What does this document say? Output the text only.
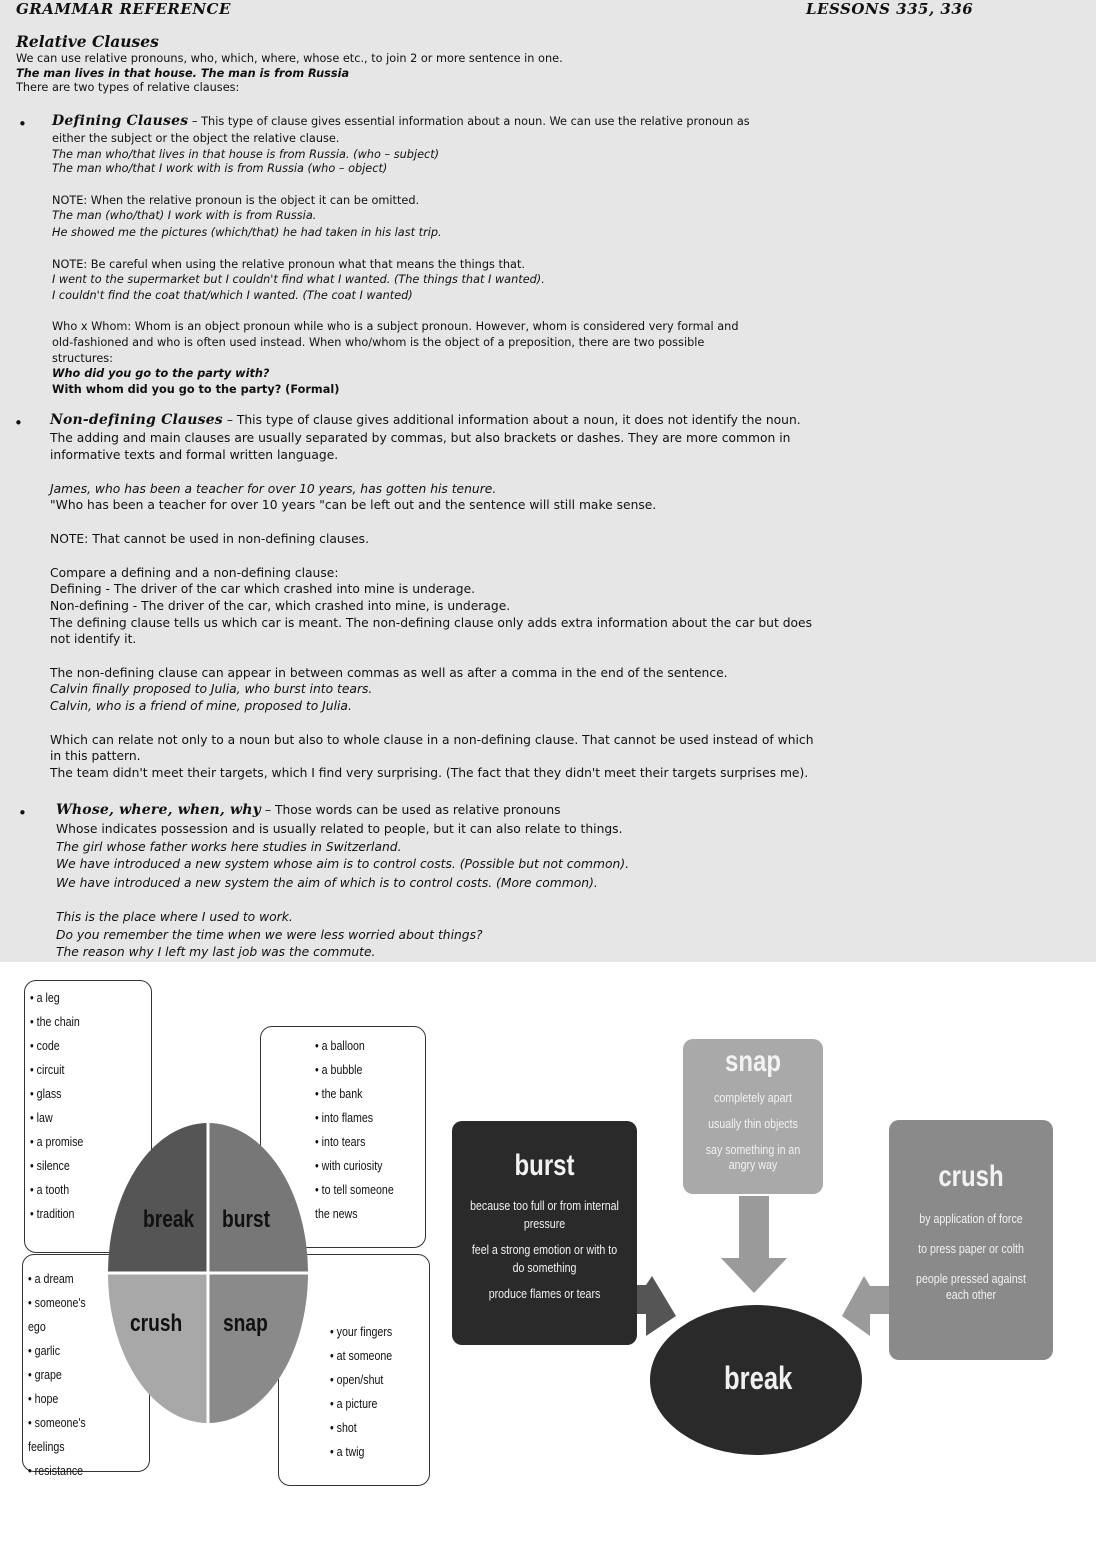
GRAMMAR REFERENCE	LESSONS 335, 336
Relative Clauses
We can use relative pronouns, who, which, where, whose etc., to join 2 or more sentence in one.
The man lives in that house. The man is from Russia
There are two types of relative clauses:
• Defining Clauses – This type of clause gives essential information about a noun. We can use the relative pronoun as
either the subject or the object the relative clause.
The man who/that lives in that house is from Russia. (who – subject)
The man who/that I work with is from Russia (who – object)
NOTE: When the relative pronoun is the object it can be omitted.
The man (who/that) I work with is from Russia.
He showed me the pictures (which/that) he had taken in his last trip.
NOTE: Be careful when using the relative pronoun what that means the things that.
I went to the supermarket but I couldn't find what I wanted. (The things that I wanted).
I couldn't find the coat that/which I wanted. (The coat I wanted)
Who x Whom: Whom is an object pronoun while who is a subject pronoun. However, whom is considered very formal and
old-fashioned and who is often used instead. When who/whom is the object of a preposition, there are two possible
structures:
Who did you go to the party with?
With whom did you go to the party? (Formal)
• Non-defining Clauses – This type of clause gives additional information about a noun, it does not identify the noun.
The adding and main clauses are usually separated by commas, but also brackets or dashes. They are more common in
informative texts and formal written language.
James, who has been a teacher for over 10 years, has gotten his tenure.
"Who has been a teacher for over 10 years "can be left out and the sentence will still make sense.
NOTE: That cannot be used in non-defining clauses.
Compare a defining and a non-defining clause:
Defining - The driver of the car which crashed into mine is underage.
Non-defining - The driver of the car, which crashed into mine, is underage.
The defining clause tells us which car is meant. The non-defining clause only adds extra information about the car but does
not identify it.
The non-defining clause can appear in between commas as well as after a comma in the end of the sentence.
Calvin finally proposed to Julia, who burst into tears.
Calvin, who is a friend of mine, proposed to Julia.
Which can relate not only to a noun but also to whole clause in a non-defining clause. That cannot be used instead of which
in this pattern.
The team didn't meet their targets, which I find very surprising. (The fact that they didn't meet their targets surprises me).
• Whose, where, when, why – Those words can be used as relative pronouns
Whose indicates possession and is usually related to people, but it can also relate to things.
The girl whose father works here studies in Switzerland.
We have introduced a new system whose aim is to control costs. (Possible but not common).
We have introduced a new system the aim of which is to control costs. (More common).
This is the place where I used to work.
Do you remember the time when we were less worried about things?
The reason why I left my last job was the commute.
break burst
crush snap
• a leg
• the chain
• code
• circuit
• glass
• law
• a promise
• silence
• a tooth
• tradition
• a balloon
• a bubble
• the bank
• into flames
• into tears
• with curiosity
• to tell someone
the news
• a dream
• someone's
ego
• garlic
• grape
• hope
• someone's
feelings
• resistance
• your fingers
• at someone
• open/shut
• a picture
• shot
• a twig
snap
completely apart
usually thin objects
say something in an
angry way
burst
because too full or from internal
pressure
feel a strong emotion or with to
do something
produce flames or tears
crush
by application of force
to press paper or colth
people pressed against
each other
break
